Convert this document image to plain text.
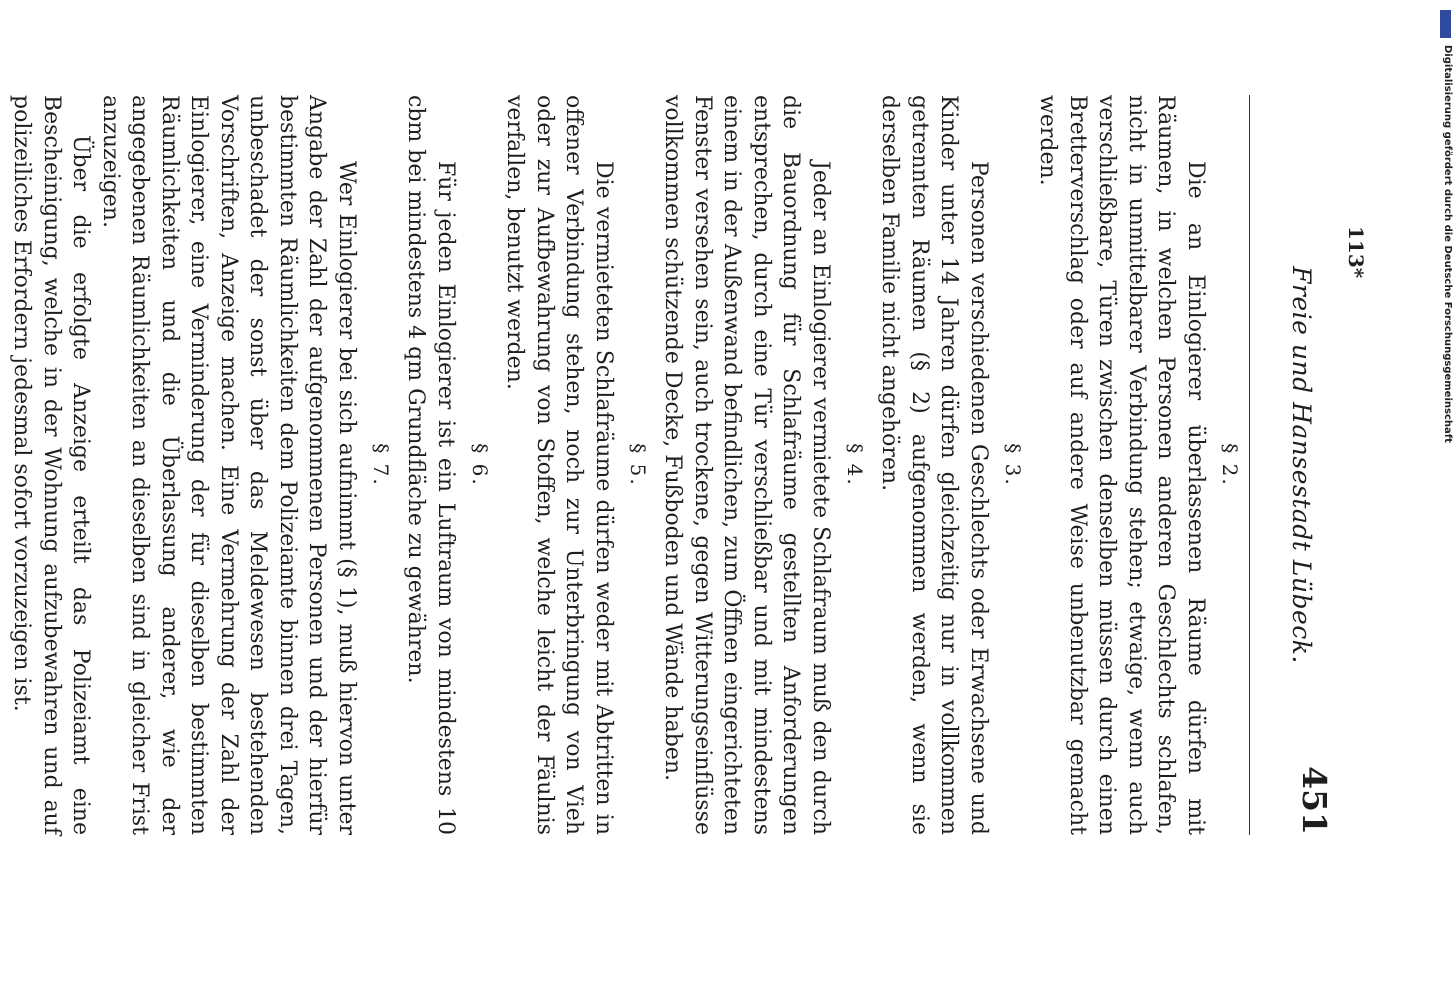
Freie und Hansestadt Lübeck.
451
§ 2.

Die an Einlogierer überlassenen Räume dürfen mit Räumen, in welchen Personen anderen Geschlechts schlafen, nicht in unmittelbarer Verbindung stehen; etwaige, wenn auch verschließbare, Türen zwischen denselben müssen durch einen Bretterverschlag oder auf andere Weise unbenutzbar gemacht werden.

§ 3.

Personen verschiedenen Geschlechts oder Erwachsene und Kinder unter 14 Jahren dürfen gleichzeitig nur in vollkommen getrennten Räumen (§ 2) aufgenommen werden, wenn sie derselben Familie nicht angehören.

§ 4.

Jeder an Einlogierer vermietete Schlafraum muß den durch die Bauordnung für Schlafräume gestellten Anforderungen entsprechen, durch eine Tür verschließbar und mit mindestens einem in der Außenwand befindlichen, zum Öffnen eingerichteten Fenster versehen sein, auch trockene, gegen Witterungseinflüsse vollkommen schützende Decke, Fußboden und Wände haben.

§ 5.

Die vermieteten Schlafräume dürfen weder mit Abtritten in offener Verbindung stehen, noch zur Unterbringung von Vieh oder zur Aufbewahrung von Stoffen, welche leicht der Fäulnis verfallen, benutzt werden.

§ 6.

Für jeden Einlogierer ist ein Luftraum von mindestens 10 cbm bei mindestens 4 qm Grundfläche zu gewähren.

§ 7.

Wer Einlogierer bei sich aufnimmt (§ 1), muß hiervon unter Angabe der Zahl der aufgenommenen Personen und der hierfür bestimmten Räumlichkeiten dem Polizeiamte binnen drei Tagen, unbeschadet der sonst über das Meldewesen bestehenden Vorschriften, Anzeige machen. Eine Vermehrung der Zahl der Einlogierer, eine Verminderung der für dieselben bestimmten Räumlichkeiten und die Überlassung anderer, wie der angegebenen Räumlichkeiten an dieselben sind in gleicher Frist anzuzeigen.

Über die erfolgte Anzeige erteilt das Polizeiamt eine Bescheinigung, welche in der Wohnung aufzubewahren und auf polizeiliches Erfordern jedesmal sofort vorzuzeigen ist.	113*	Digitalisierung gefördert durch die Deutsche Forschungsgemeinschaft
